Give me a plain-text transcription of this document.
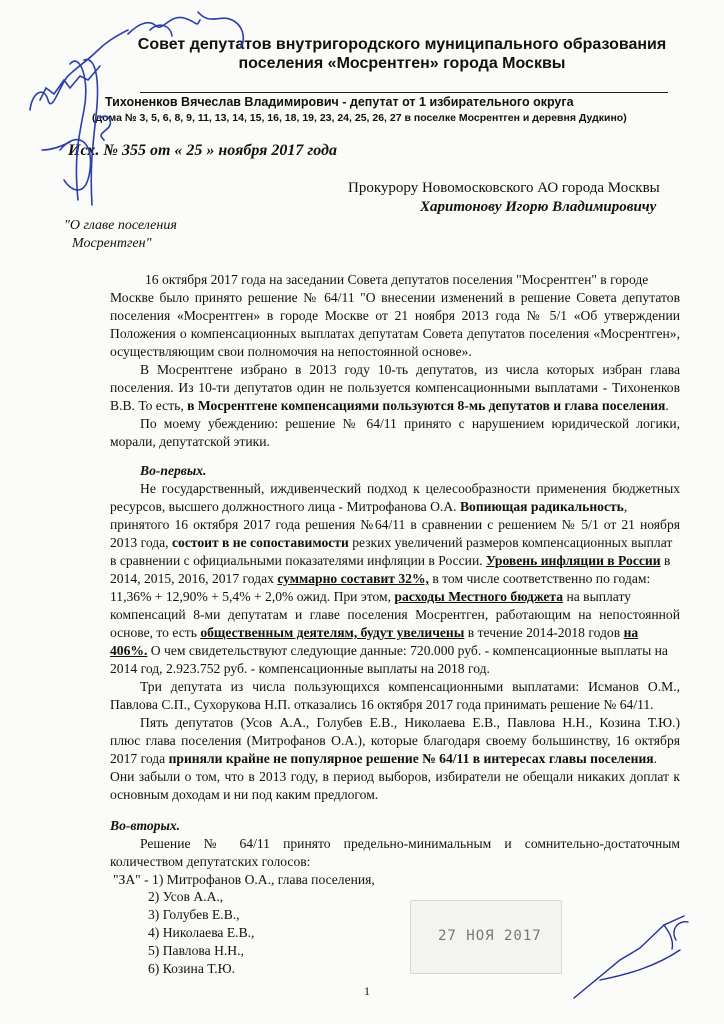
Совет депутатов внутригородского муниципального образования
поселения «Мосрентген» города Москвы
Тихоненков Вячеслав Владимирович - депутат от 1 избирательного округа
(дома № 3, 5, 6, 8, 9, 11, 13, 14, 15, 16, 18, 19, 23, 24, 25, 26, 27 в поселке Мосрентген и деревня Дудкино)
Исх. № 355 от « 25 » ноября 2017 года
Прокурору Новомосковского АО города Москвы
Харитонову Игорю Владимировичу
"О главе поселения
Мосрентген"
16 октября 2017 года на заседании Совета депутатов поселения "Мосрентген" в городе
Москве было принято решение № 64/11 "О внесении изменений в решение Совета депутатов
поселения «Мосрентген» в городе Москве от 21 ноября 2013 года № 5/1 «Об утверждении
Положения о компенсационных выплатах депутатам Совета депутатов поселения «Мосрентген»,
осуществляющим свои полномочия на непостоянной основе».
В Мосрентгене избрано в 2013 году 10-ть депутатов, из числа которых избран глава
поселения. Из 10-ти депутатов один не пользуется компенсационными выплатами - Тихоненков
В.В. То есть, в Мосрентгене компенсациями пользуются 8-мь депутатов и глава поселения.
По моему убеждению: решение № 64/11 принято с нарушением юридической логики,
морали, депутатской этики.
Во-первых.
Не государственный, иждивенческий подход к целесообразности применения бюджетных
ресурсов, высшего должностного лица - Митрофанова О.А. Вопиющая радикальность,
принятого 16 октября 2017 года решения №64/11 в сравнении с решением № 5/1 от 21 ноября
2013 года, состоит в не сопоставимости резких увеличений размеров компенсационных выплат
в сравнении с официальными показателями инфляции в России. Уровень инфляции в России в
2014, 2015, 2016, 2017 годах суммарно составит 32%, в том числе соответственно по годам:
11,36% + 12,90% + 5,4% + 2,0% ожид. При этом, расходы Местного бюджета на выплату
компенсаций 8-ми депутатам и главе поселения Мосрентген, работающим на непостоянной
основе, то есть общественным деятелям, будут увеличены в течение 2014-2018 годов на
406%. О чем свидетельствуют следующие данные: 720.000 руб. - компенсационные выплаты на
2014 год, 2.923.752 руб. - компенсационные выплаты на 2018 год.
Три депутата из числа пользующихся компенсационными выплатами: Исманов О.М.,
Павлова С.П., Сухорукова Н.П. отказались 16 октября 2017 года принимать решение № 64/11.
Пять депутатов (Усов А.А., Голубев Е.В., Николаева Е.В., Павлова Н.Н., Козина Т.Ю.)
плюс глава поселения (Митрофанов О.А.), которые благодаря своему большинству, 16 октября
2017 года приняли крайне не популярное решение № 64/11 в интересах главы поселения.
Они забыли о том, что в 2013 году, в период выборов, избиратели не обещали никаких доплат к
основным доходам и ни под каким предлогом.
Во-вторых.
Решение № 64/11 принято предельно-минимальным и сомнительно-достаточным
количеством депутатских голосов:
"ЗА" - 1) Митрофанов О.А., глава поселения,
2) Усов А.А.,
3) Голубев Е.В.,
4) Николаева Е.В.,
5) Павлова Н.Н.,
6) Козина Т.Ю.
27 НОЯ 2017
1
